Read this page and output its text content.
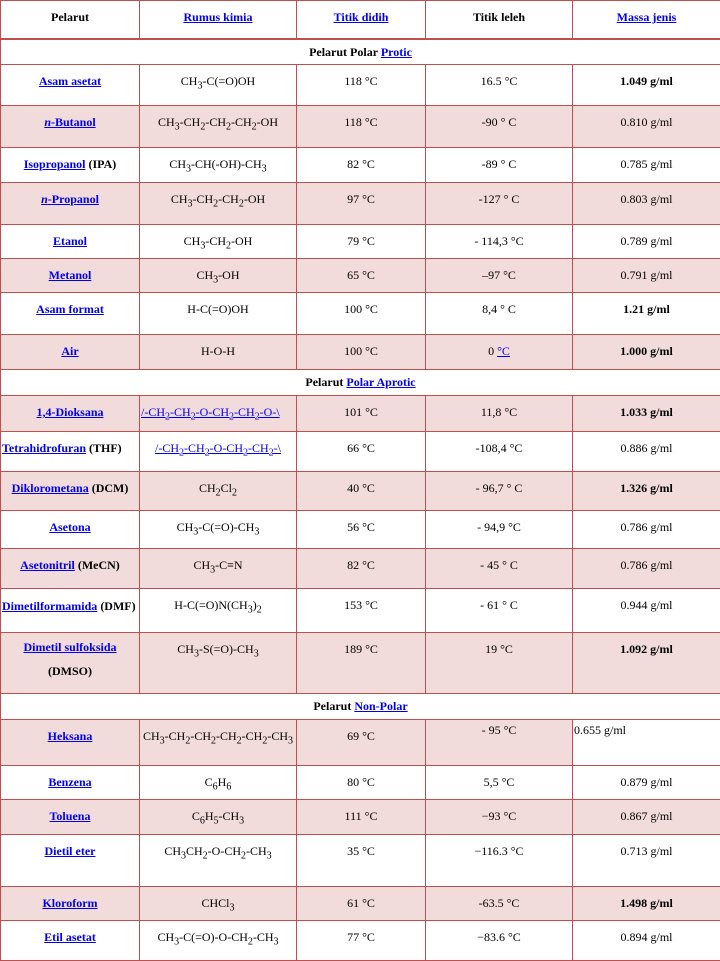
Pelarut	Rumus kimia	Titik didih	Titik leleh	Massa jenis
Pelarut Polar Protic				
Asam asetat	$CH_3-C(=O)OH$	118 °C	16.5 °C	1.049 g/ml
n-Butanol	$CH_3-CH_2-CH_2-CH_2-OH$	118 °C	-90 ° C	0.810 g/ml
Isopropanol (IPA)	$CH_3-CH(-OH)-CH_3$	82 °C	-89 ° C	0.785 g/ml
n-Propanol	$CH_3-CH_2-CH_2-OH$	97 °C	-127 ° C	0.803 g/ml
Etanol	$CH_3-CH_2-OH$	79 °C	- 114,3 °C	0.789 g/ml
Metanol	$CH_3-OH$	65 °C	–97 °C	0.791 g/ml
Asam format	H-C(=O)OH	100 °C	8,4 ° C	1.21 g/ml
Air	H-O-H	100 °C	0 °C	1.000 g/ml
Pelarut Polar Aprotic				
1,4-Dioksana	$/-CH_2-CH_2-O-CH_2-CH_2-O-\backslash$	101 °C	11,8 °C	1.033 g/ml
Tetrahidrofuran (THF)	$/-CH_2-CH_2-O-CH_2-CH_2-\backslash$	66 °C	-108,4 °C	0.886 g/ml
Diklorometana (DCM)	$CH_2Cl_2$	40 °C	- 96,7 ° C	1.326 g/ml
Asetona	$CH_3-C(=O)-CH_3$	56 °C	- 94,9 °C	0.786 g/ml
Asetonitril (MeCN)	$CH_3-C\equiv N$	82 °C	- 45 ° C	0.786 g/ml
Dimetilformamida (DMF)	$H-C(=O)N(CH_3)_2$	153 °C	- 61 ° C	0.944 g/ml
Dimetil sulfoksida (DMSO)	$CH_3-S(=O)-CH_3$	189 °C	19 °C	1.092 g/ml
Pelarut Non-Polar				
Heksana	$CH_3-CH_2-CH_2-CH_2-CH_2-CH_3$	69 °C	- 95 °C	0.655 g/ml
Benzena	$C_6H_6$	80 °C	5,5 °C	0.879 g/ml
Toluena	$C_6H_5-CH_3$	111 °C	−93 °C	0.867 g/ml
Dietil eter	$CH_3CH_2-O-CH_2-CH_3$	35 °C	−116.3 °C	0.713 g/ml
Kloroform	CHCl$_3$	61 °C	-63.5 °C	1.498 g/ml
Etil asetat	$CH_3-C(=O)-O-CH_2-CH_3$	77 °C	−83.6 °C	0.894 g/ml
